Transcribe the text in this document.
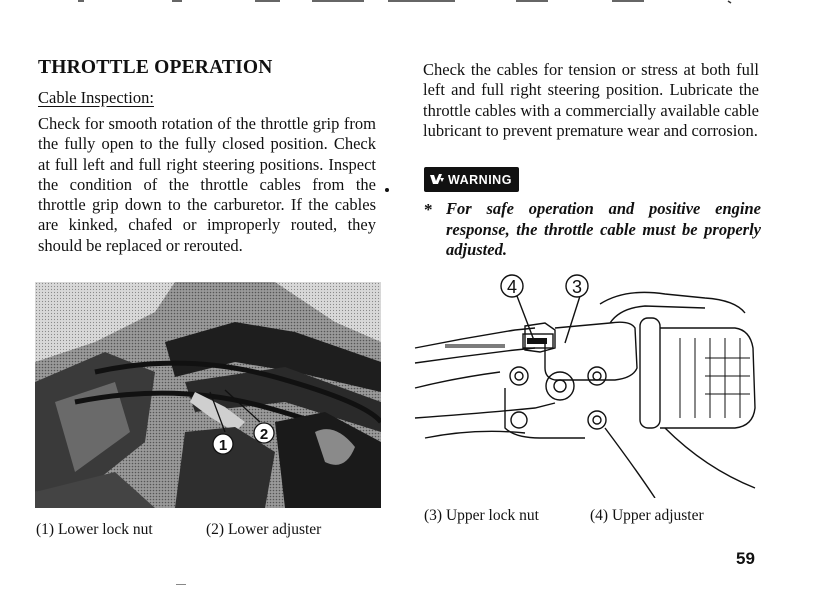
THROTTLE OPERATION
Cable Inspection:
Check for smooth rotation of the throttle grip from the fully open to the fully closed position. Check at full left and full right steering positions. Inspect the condition of the throttle cables from the throttle grip down to the carburetor. If the cables are kinked, chafed or improperly routed, they should be replaced or rerouted.
Check the cables for tension or stress at both full left and full right steering position. Lubricate the throttle cables with a commercially available cable lubricant to prevent premature wear and corrosion.
WARNING
* For safe operation and positive engine response, the throttle cable must be properly adjusted.
1
2
4	3
(1) Lower lock nut	(2) Lower adjuster
(3) Upper lock nut	(4) Upper adjuster
59
